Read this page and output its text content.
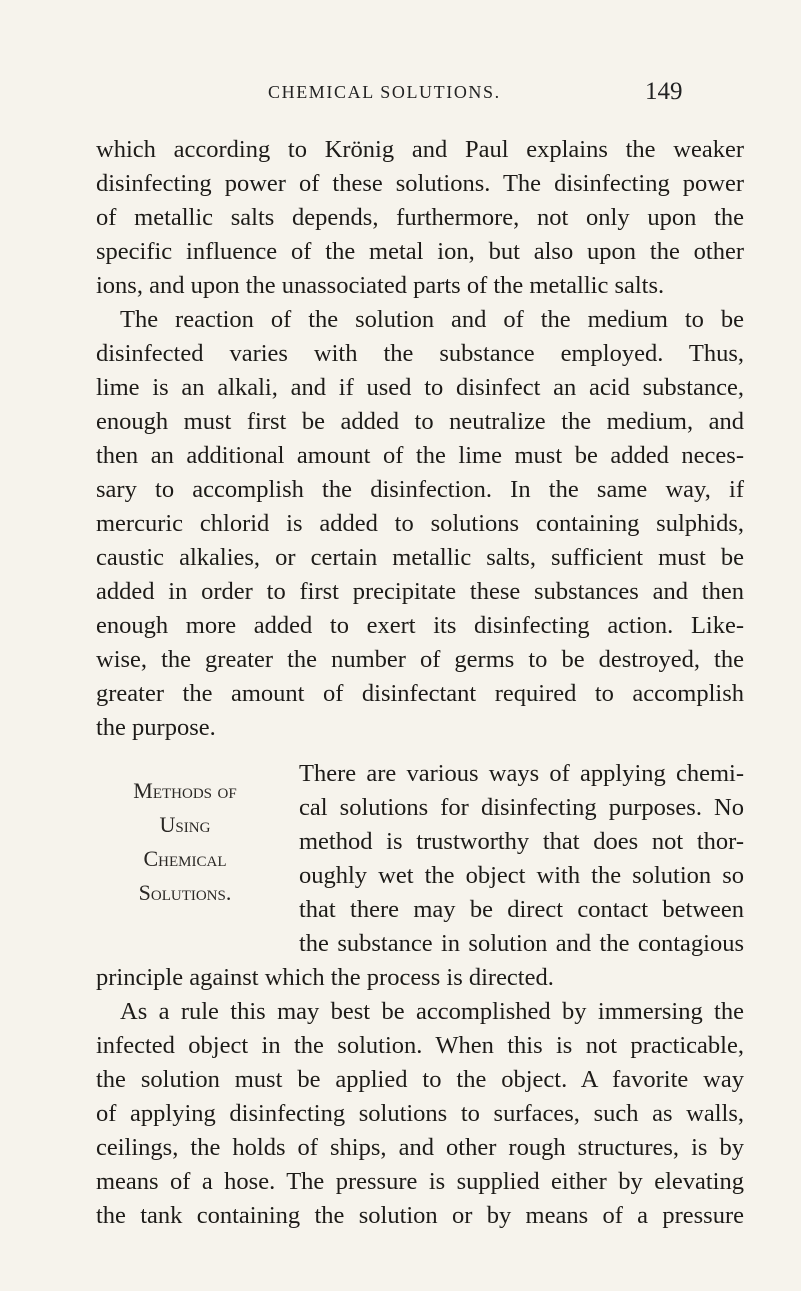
CHEMICAL SOLUTIONS.	149
which according to Krönig and Paul explains the weaker
disinfecting power of these solutions. The disinfecting power
of metallic salts depends, furthermore, not only upon the
specific influence of the metal ion, but also upon the other
ions, and upon the unassociated parts of the metallic salts.
The reaction of the solution and of the medium to be
disinfected varies with the substance employed. Thus,
lime is an alkali, and if used to disinfect an acid substance,
enough must first be added to neutralize the medium, and
then an additional amount of the lime must be added neces-
sary to accomplish the disinfection. In the same way, if
mercuric chlorid is added to solutions containing sulphids,
caustic alkalies, or certain metallic salts, sufficient must be
added in order to first precipitate these substances and then
enough more added to exert its disinfecting action. Like-
wise, the greater the number of germs to be destroyed, the
greater the amount of disinfectant required to accomplish
the purpose.
Methods of
Using
Chemical
Solutions.
There are various ways of applying chemi-
cal solutions for disinfecting purposes. No
method is trustworthy that does not thor-
oughly wet the object with the solution so
that there may be direct contact between
the substance in solution and the contagious
principle against which the process is directed.
As a rule this may best be accomplished by immersing the
infected object in the solution. When this is not practicable,
the solution must be applied to the object. A favorite way
of applying disinfecting solutions to surfaces, such as walls,
ceilings, the holds of ships, and other rough structures, is by
means of a hose. The pressure is supplied either by elevating
the tank containing the solution or by means of a pressure
